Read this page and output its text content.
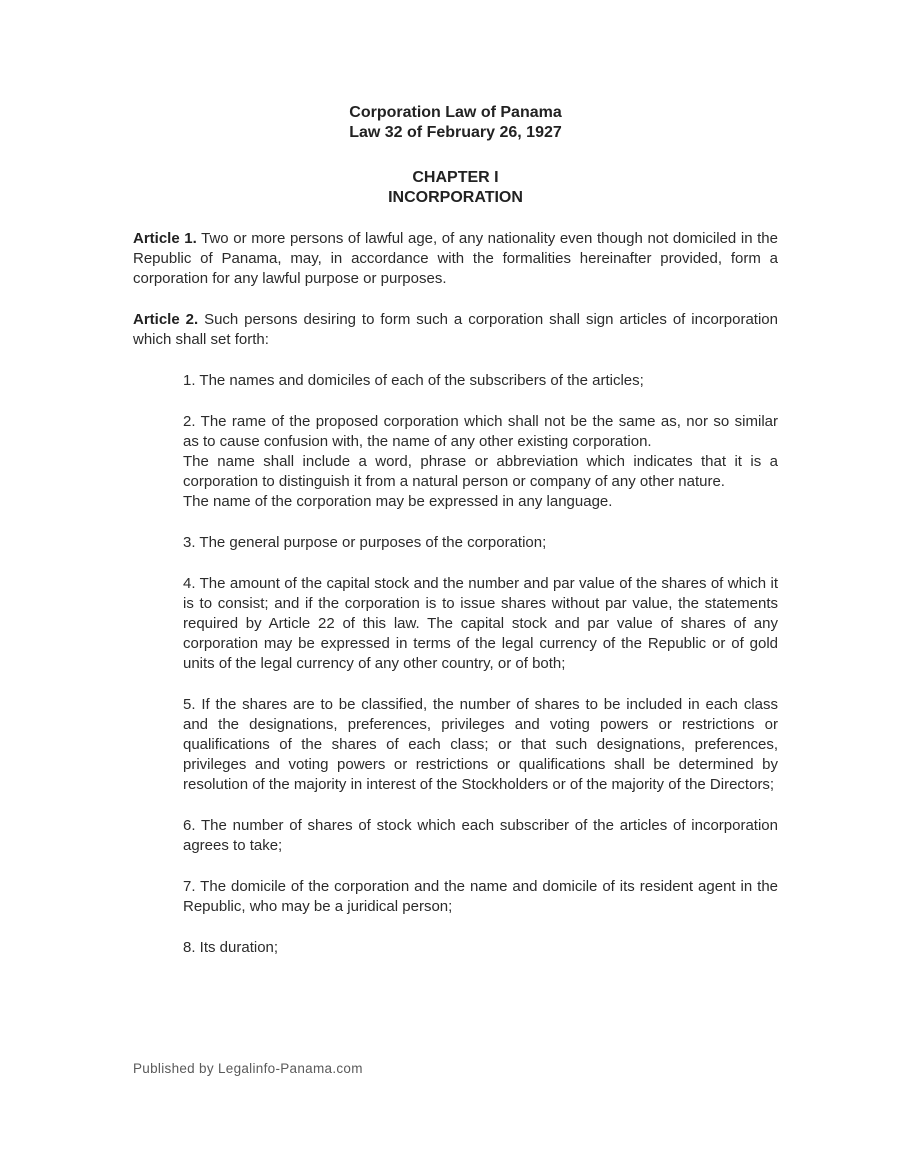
Corporation Law of Panama
Law 32 of February 26, 1927
CHAPTER I
INCORPORATION

Article 1. Two or more persons of lawful age, of any nationality even though not domiciled in the Republic of Panama, may, in accordance with the formalities hereinafter provided, form a corporation for any lawful purpose or purposes.

Article 2. Such persons desiring to form such a corporation shall sign articles of incorporation which shall set forth:

1. The names and domiciles of each of the subscribers of the articles;

2. The rame of the proposed corporation which shall not be the same as, nor so similar as to cause confusion with, the name of any other existing corporation.

The name shall include a word, phrase or abbreviation which indicates that it is a corporation to distinguish it from a natural person or company of any other nature.

The name of the corporation may be expressed in any language.

3. The general purpose or purposes of the corporation;

4. The amount of the capital stock and the number and par value of the shares of which it is to consist; and if the corporation is to issue shares without par value, the statements required by Article 22 of this law. The capital stock and par value of shares of any corporation may be expressed in terms of the legal currency of the Republic or of gold units of the legal currency of any other country, or of both;

5. If the shares are to be classified, the number of shares to be included in each class and the designations, preferences, privileges and voting powers or restrictions or qualifications of the shares of each class; or that such designations, preferences, privileges and voting powers or restrictions or qualifications shall be determined by resolution of the majority in interest of the Stockholders or of the majority of the Directors;

6. The number of shares of stock which each subscriber of the articles of incorporation agrees to take;

7. The domicile of the corporation and the name and domicile of its resident agent in the Republic, who may be a juridical person;

8. Its duration;

Published by Legalinfo-Panama.com
